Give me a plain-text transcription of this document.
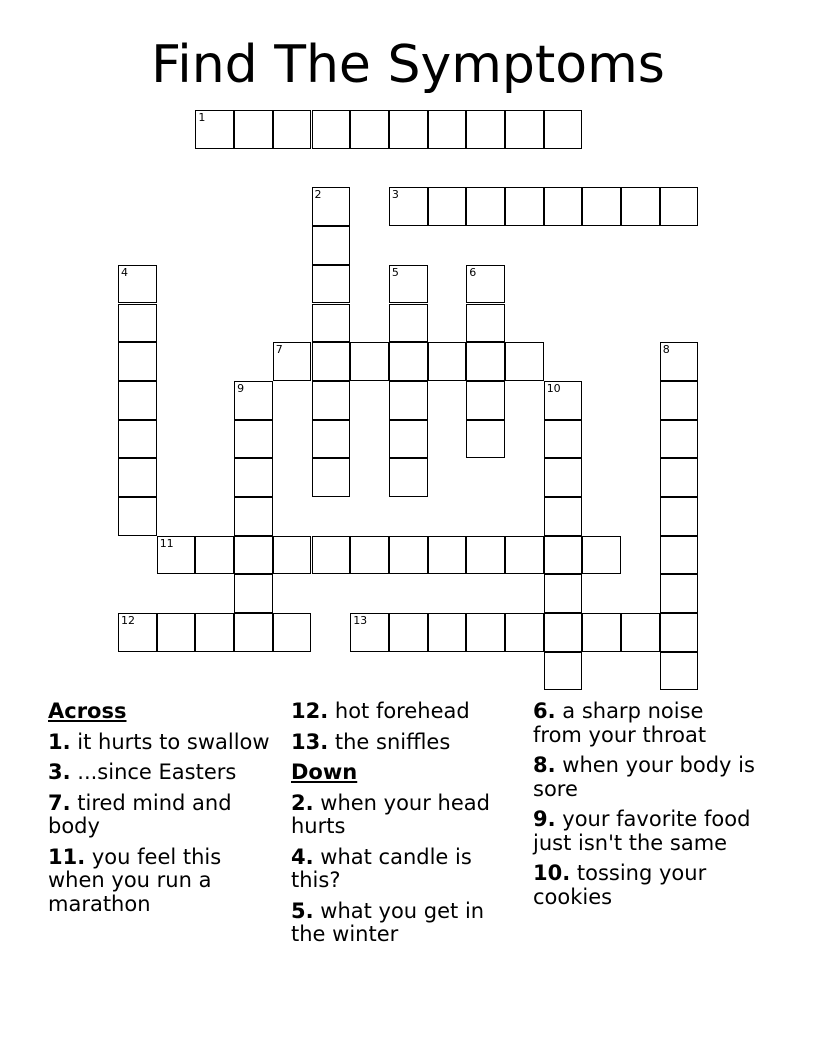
Find The Symptoms
1
2	3
4	5	6
7	8
9	10
11
12	13
Across
1. it hurts to swallow
3. ...since Easters
7. tired mind and body
11. you feel this when you run a marathon
12. hot forehead
13. the sniffles
Down
2. when your head hurts
4. what candle is this?
5. what you get in the winter
6. a sharp noise from your throat
8. when your body is sore
9. your favorite food just isn't the same
10. tossing your cookies
